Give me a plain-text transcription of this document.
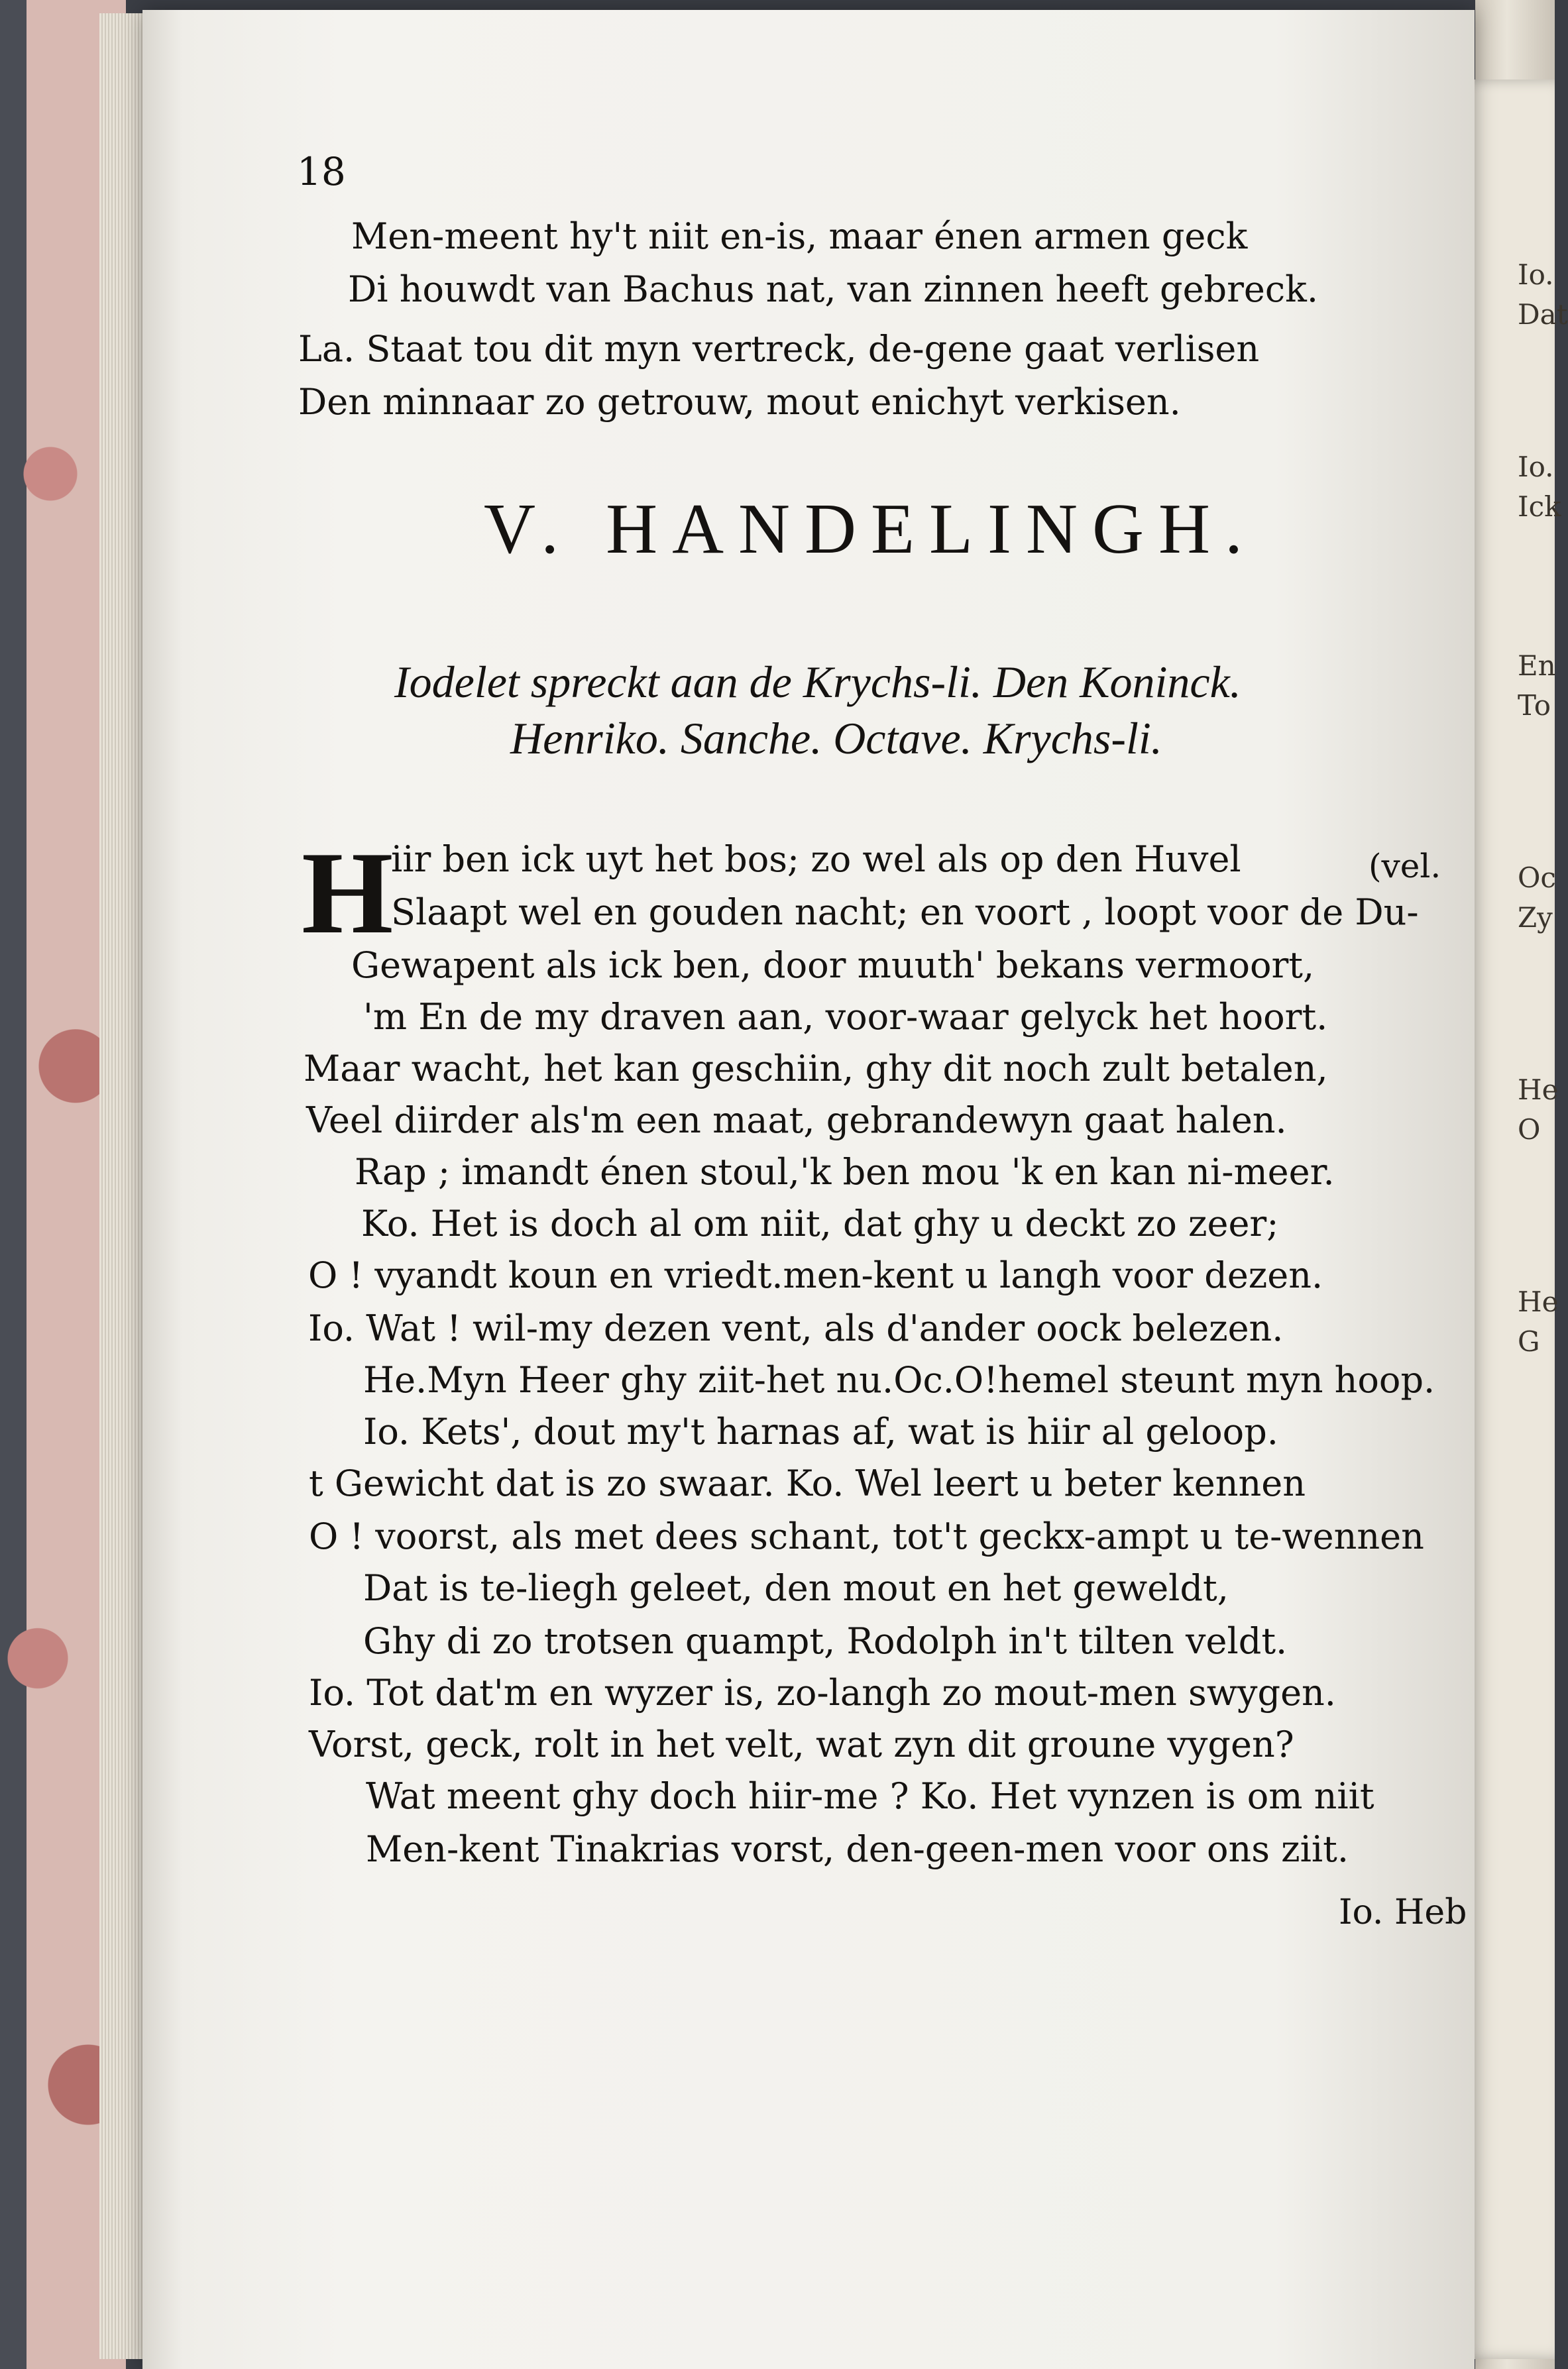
Io.
Dat
Io.
Ick
En
To
Oc
Zy
He
O
He
G
18
Men-meent hy't niit en-is, maar énen armen geck
Di houwdt van Bachus nat, van zinnen heeft gebreck.
La. Staat tou dit myn vertreck, de-gene gaat verlisen
Den minnaar zo getrouw, mout enichyt verkisen.
V. HANDELINGH.
Iodelet spreckt aan de Krychs-li. Den Koninck.
Henriko. Sanche. Octave. Krychs-li.
H	(vel.
iir ben ick uyt het bos; zo wel als op den Huvel
Slaapt wel en gouden nacht; en voort , loopt voor de Du-
Gewapent als ick ben, door muuth' bekans vermoort,
'm En de my draven aan, voor-waar gelyck het hoort.
Maar wacht, het kan geschiin, ghy dit noch zult betalen,
Veel diirder als'm een maat, gebrandewyn gaat halen.
Rap ; imandt énen stoul,'k ben mou 'k en kan ni-meer.
Ko. Het is doch al om niit, dat ghy u deckt zo zeer;
O ! vyandt koun en vriedt.men-kent u langh voor dezen.
Io. Wat ! wil-my dezen vent, als d'ander oock belezen.
He.Myn Heer ghy ziit-het nu.Oc.O!hemel steunt myn hoop.
Io. Kets', dout my't harnas af, wat is hiir al geloop.
t Gewicht dat is zo swaar. Ko. Wel leert u beter kennen
O ! voorst, als met dees schant, tot't geckx-ampt u te-wennen
Dat is te-liegh geleet, den mout en het geweldt,
Ghy di zo trotsen quampt, Rodolph in't tilten veldt.
Io. Tot dat'm en wyzer is, zo-langh zo mout-men swygen.
Vorst, geck, rolt in het velt, wat zyn dit groune vygen?
Wat meent ghy doch hiir-me ? Ko. Het vynzen is om niit
Men-kent Tinakrias vorst, den-geen-men voor ons ziit.
Io. Heb
